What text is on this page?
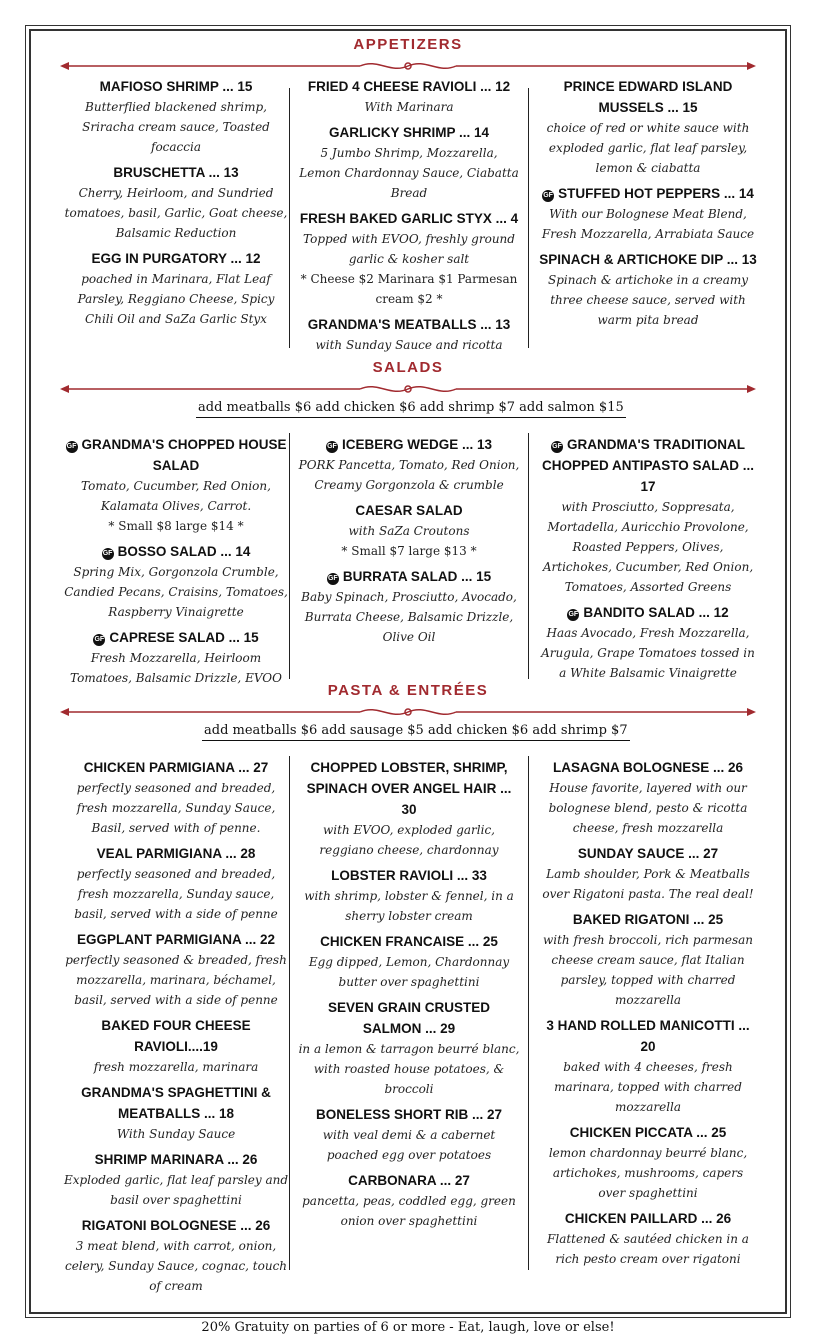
APPETIZERS
MAFIOSO SHRIMP ... 15
Butterflied blackened shrimp, Sriracha cream sauce, Toasted focaccia
BRUSCHETTA ... 13
Cherry, Heirloom, and Sundried tomatoes, basil, Garlic, Goat cheese, Balsamic Reduction
EGG IN PURGATORY ... 12
poached in Marinara, Flat Leaf Parsley, Reggiano Cheese, Spicy Chili Oil and SaZa Garlic Styx
FRIED 4 CHEESE RAVIOLI ... 12
With Marinara
GARLICKY SHRIMP ... 14
5 Jumbo Shrimp, Mozzarella, Lemon Chardonnay Sauce, Ciabatta Bread
FRESH BAKED GARLIC STYX ... 4
Topped with EVOO, freshly ground garlic & kosher salt
* Cheese $2 Marinara $1 Parmesan cream $2 *
GRANDMA'S MEATBALLS ... 13
with Sunday Sauce and ricotta
PRINCE EDWARD ISLAND MUSSELS ... 15
choice of red or white sauce with exploded garlic, flat leaf parsley, lemon & ciabatta
GF STUFFED HOT PEPPERS ... 14
With our Bolognese Meat Blend, Fresh Mozzarella, Arrabiata Sauce
SPINACH & ARTICHOKE DIP ... 13
Spinach & artichoke in a creamy three cheese sauce, served with warm pita bread
SALADS
add meatballs $6 add chicken $6 add shrimp $7 add salmon $15
GF GRANDMA'S CHOPPED HOUSE SALAD
Tomato, Cucumber, Red Onion, Kalamata Olives, Carrot.
* Small $8 large $14 *
GF BOSSO SALAD ... 14
Spring Mix, Gorgonzola Crumble, Candied Pecans, Craisins, Tomatoes, Raspberry Vinaigrette
GF CAPRESE SALAD ... 15
Fresh Mozzarella, Heirloom Tomatoes, Balsamic Drizzle, EVOO
GF ICEBERG WEDGE ... 13
PORK Pancetta, Tomato, Red Onion, Creamy Gorgonzola & crumble
CAESAR SALAD
with SaZa Croutons
* Small $7 large $13 *
GF BURRATA SALAD ... 15
Baby Spinach, Prosciutto, Avocado, Burrata Cheese, Balsamic Drizzle, Olive Oil
GF GRANDMA'S TRADITIONAL CHOPPED ANTIPASTO SALAD ... 17
with Prosciutto, Soppresata, Mortadella, Auricchio Provolone, Roasted Peppers, Olives, Artichokes, Cucumber, Red Onion, Tomatoes, Assorted Greens
GF BANDITO SALAD ... 12
Haas Avocado, Fresh Mozzarella, Arugula, Grape Tomatoes tossed in a White Balsamic Vinaigrette
PASTA & ENTRÉES
add meatballs $6 add sausage $5 add chicken $6 add shrimp $7
CHICKEN PARMIGIANA ... 27
perfectly seasoned and breaded, fresh mozzarella, Sunday Sauce, Basil, served with of penne.
VEAL PARMIGIANA ... 28
perfectly seasoned and breaded, fresh mozzarella, Sunday sauce, basil, served with a side of penne
EGGPLANT PARMIGIANA ... 22
perfectly seasoned & breaded, fresh mozzarella, marinara, béchamel, basil, served with a side of penne
BAKED FOUR CHEESE RAVIOLI....19
fresh mozzarella, marinara
GRANDMA'S SPAGHETTINI & MEATBALLS ... 18
With Sunday Sauce
SHRIMP MARINARA ... 26
Exploded garlic, flat leaf parsley and basil over spaghettini
RIGATONI BOLOGNESE ... 26
3 meat blend, with carrot, onion, celery, Sunday Sauce, cognac, touch of cream
CHOPPED LOBSTER, SHRIMP, SPINACH OVER ANGEL HAIR ... 30
with EVOO, exploded garlic, reggiano cheese, chardonnay
LOBSTER RAVIOLI ... 33
with shrimp, lobster & fennel, in a sherry lobster cream
CHICKEN FRANCAISE ... 25
Egg dipped, Lemon, Chardonnay butter over spaghettini
SEVEN GRAIN CRUSTED SALMON ... 29
in a lemon & tarragon beurré blanc, with roasted house potatoes, & broccoli
BONELESS SHORT RIB ... 27
with veal demi & a cabernet poached egg over potatoes
CARBONARA ... 27
pancetta, peas, coddled egg, green onion over spaghettini
LASAGNA BOLOGNESE ... 26
House favorite, layered with our bolognese blend, pesto & ricotta cheese, fresh mozzarella
SUNDAY SAUCE ... 27
Lamb shoulder, Pork & Meatballs over Rigatoni pasta. The real deal!
BAKED RIGATONI ... 25
with fresh broccoli, rich parmesan cheese cream sauce, flat Italian parsley, topped with charred mozzarella
3 HAND ROLLED MANICOTTI ... 20
baked with 4 cheeses, fresh marinara, topped with charred mozzarella
CHICKEN PICCATA ... 25
lemon chardonnay beurré blanc, artichokes, mushrooms, capers over spaghettini
CHICKEN PAILLARD ... 26
Flattened & sautéed chicken in a rich pesto cream over rigatoni
20% Gratuity on parties of 6 or more - Eat, laugh, love or else!
